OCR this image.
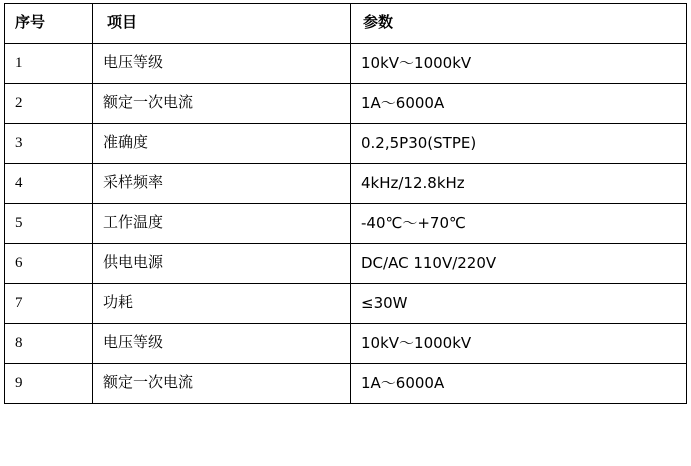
序号	项目	参数
1	电压等级	10kV～1000kV
2	额定一次电流	1A～6000A
3	准确度	0.2,5P30(STPE)
4	采样频率	4kHz/12.8kHz
5	工作温度	-40℃～+70℃
6	供电电源	DC/AC 110V/220V
7	功耗	≤30W
8	电压等级	10kV～1000kV
9	额定一次电流	1A～6000A
